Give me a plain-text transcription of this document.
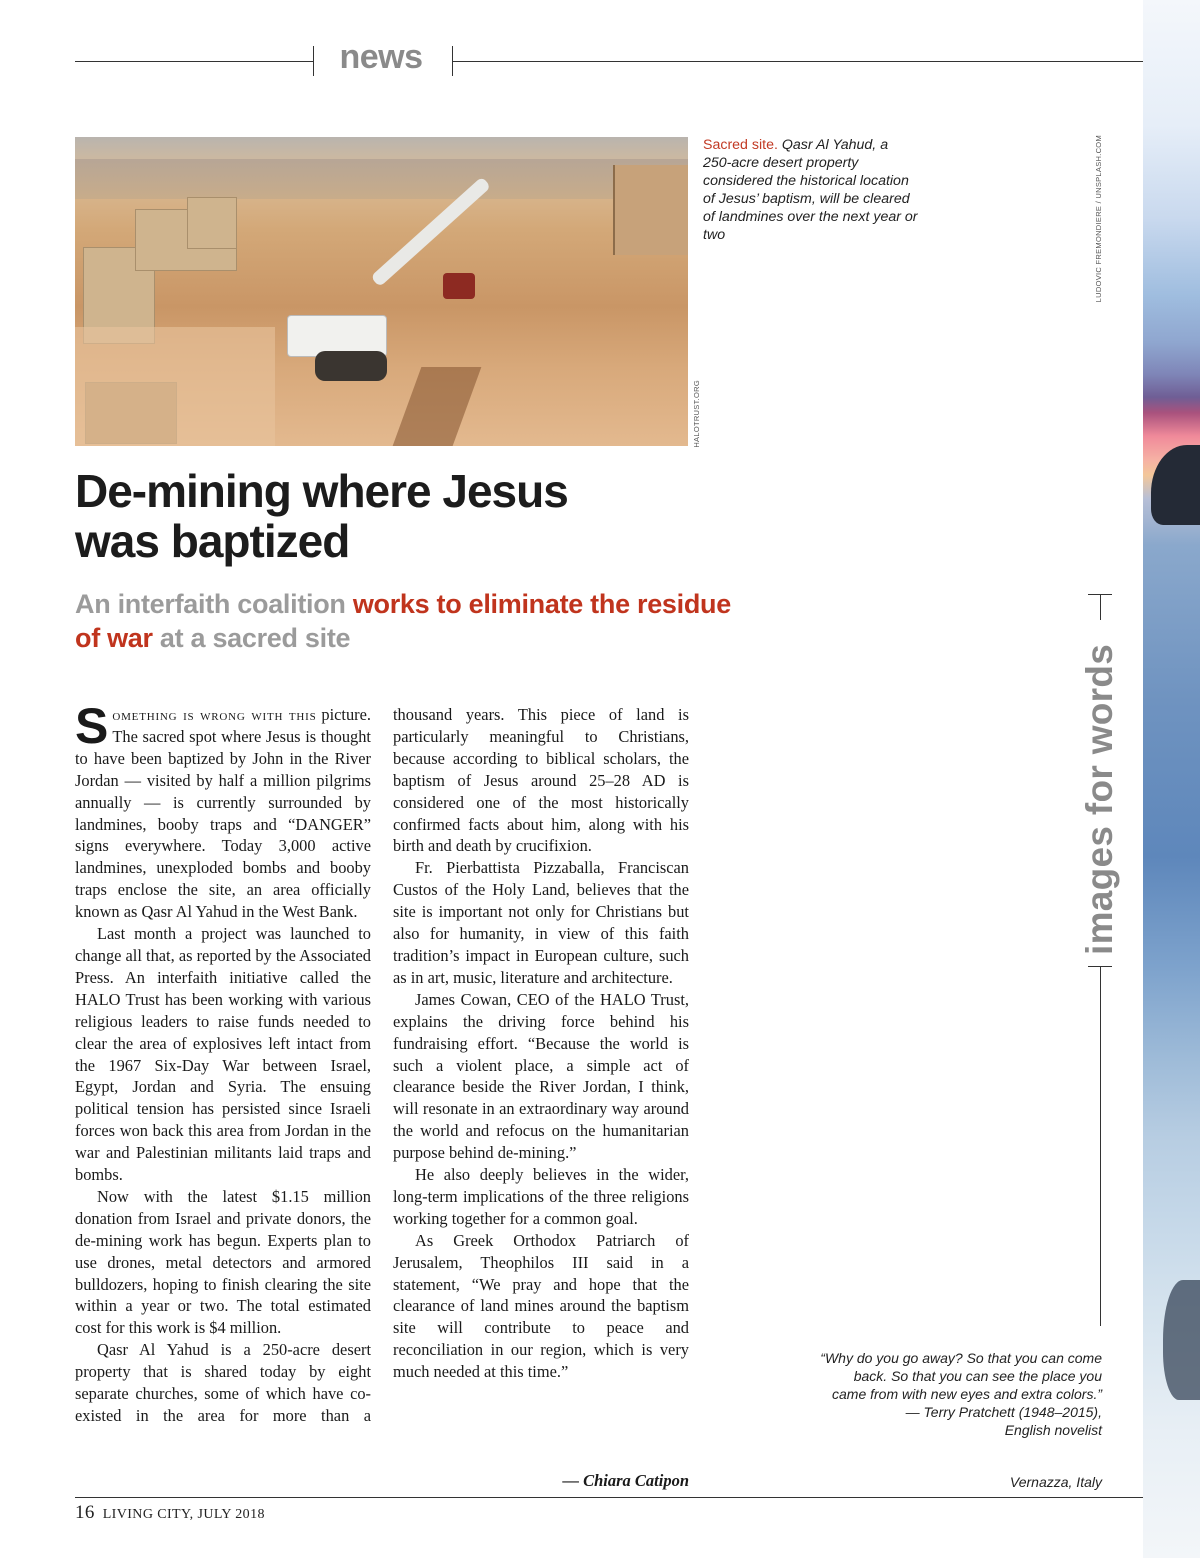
news
HALOTRUST.ORG
Sacred site. Qasr Al Yahud, a 250-acre desert property considered the historical location of Jesus’ baptism, will be cleared of landmines over the next year or two	LUDOVIC FREMONDIERE / UNSPLASH.COM
De-mining where Jesus
was baptized
An interfaith coalition works to eliminate the residue of war at a sacred site

Something is wrong with this picture. The sacred spot where Jesus is thought to have been baptized by John in the River Jordan — visited by half a million pilgrims annually — is currently surrounded by landmines, booby traps and “DANGER” signs everywhere. Today 3,000 active landmines, unexploded bombs and booby traps enclose the site, an area officially known as Qasr Al Yahud in the West Bank.

Last month a project was launched to change all that, as reported by the Associated Press. An interfaith initiative called the HALO Trust has been working with various religious leaders to raise funds needed to clear the area of explosives left intact from the 1967 Six-Day War between Israel, Egypt, Jordan and Syria. The ensuing political tension has persisted since Israeli forces won back this area from Jordan in the war and Palestinian militants laid traps and bombs.

Now with the latest $1.15 million donation from Israel and private donors, the de-mining work has begun. Experts plan to use drones, metal detectors and armored bulldozers, hoping to finish clearing the site within a year or two. The total estimated cost for this work is $4 million.

Qasr Al Yahud is a 250-acre desert property that is shared today by eight separate churches, some of which have co-existed in the area for more than a

thousand years. This piece of land is particularly meaningful to Christians, because according to biblical scholars, the baptism of Jesus around 25–28 AD is considered one of the most historically confirmed facts about him, along with his birth and death by crucifixion.

Fr. Pierbattista Pizzaballa, Franciscan Custos of the Holy Land, believes that the site is important not only for Christians but also for humanity, in view of this faith tradition’s impact in European culture, such as in art, music, literature and architecture.

James Cowan, CEO of the HALO Trust, explains the driving force behind his fundraising effort. “Because the world is such a violent place, a simple act of clearance beside the River Jordan, I think, will resonate in an extraordinary way around the world and refocus on the humanitarian purpose behind de-mining.”

He also deeply believes in the wider, long-term implications of the three religions working together for a common goal.

As Greek Orthodox Patriarch of Jerusalem, Theophilos III said in a statement, “We pray and hope that the clearance of land mines around the baptism site will contribute to peace and reconciliation in our region, which is very much needed at this time.”

— Chiara Catipon
images for words
“Why do you go away? So that you can come back. So that you can see the place you came from with new eyes and extra colors.”
— Terry Pratchett (1948–2015),
English novelist
Vernazza, Italy
16 LIVING CITY, JULY 2018
